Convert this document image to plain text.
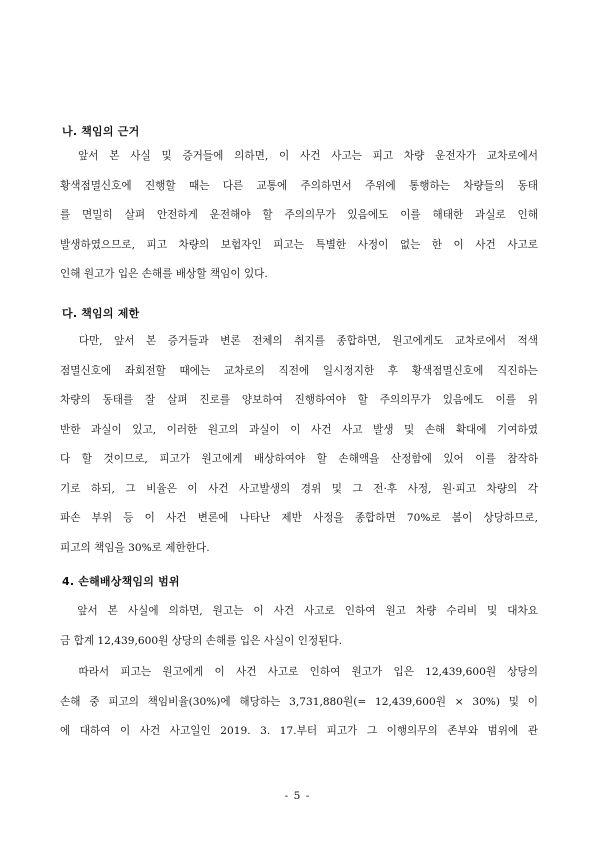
나. 책임의 근거
　앞서 본 사실 및 증거들에 의하면, 이 사건 사고는 피고 차량 운전자가 교차로에서
황색점멸신호에 진행할 때는 다른 교통에 주의하면서 주위에 통행하는 차량들의 동태
를 면밀히 살펴 안전하게 운전해야 할 주의의무가 있음에도 이를 해태한 과실로 인해
발생하였으므로, 피고 차량의 보험자인 피고는 특별한 사정이 없는 한 이 사건 사고로
인해 원고가 입은 손해를 배상할 책임이 있다.
다. 책임의 제한
　다만, 앞서 본 증거들과 변론 전체의 취지를 종합하면, 원고에게도 교차로에서 적색
점멸신호에 좌회전할 때에는 교차로의 직전에 일시정지한 후 황색점멸신호에 직진하는
차량의 동태를 잘 살펴 진로를 양보하여 진행하여야 할 주의의무가 있음에도 이를 위
반한 과실이 있고, 이러한 원고의 과실이 이 사건 사고 발생 및 손해 확대에 기여하였
다 할 것이므로, 피고가 원고에게 배상하여야 할 손해액을 산정함에 있어 이를 참작하
기로 하되, 그 비율은 이 사건 사고발생의 경위 및 그 전·후 사정, 원·피고 차량의 각
파손 부위 등 이 사건 변론에 나타난 제반 사정을 종합하면 70%로 봄이 상당하므로,
피고의 책임을 30%로 제한한다.
4. 손해배상책임의 범위
　앞서 본 사실에 의하면, 원고는 이 사건 사고로 인하여 원고 차량 수리비 및 대차요
금 합계 12,439,600원 상당의 손해를 입은 사실이 인정된다.
　따라서 피고는 원고에게 이 사건 사고로 인하여 원고가 입은 12,439,600원 상당의
손해 중 피고의 책임비율(30%)에 해당하는 3,731,880원(= 12,439,600원 × 30%) 및 이
에 대하여 이 사건 사고일인 2019. 3. 17.부터 피고가 그 이행의무의 존부와 범위에 관
- 5 -
